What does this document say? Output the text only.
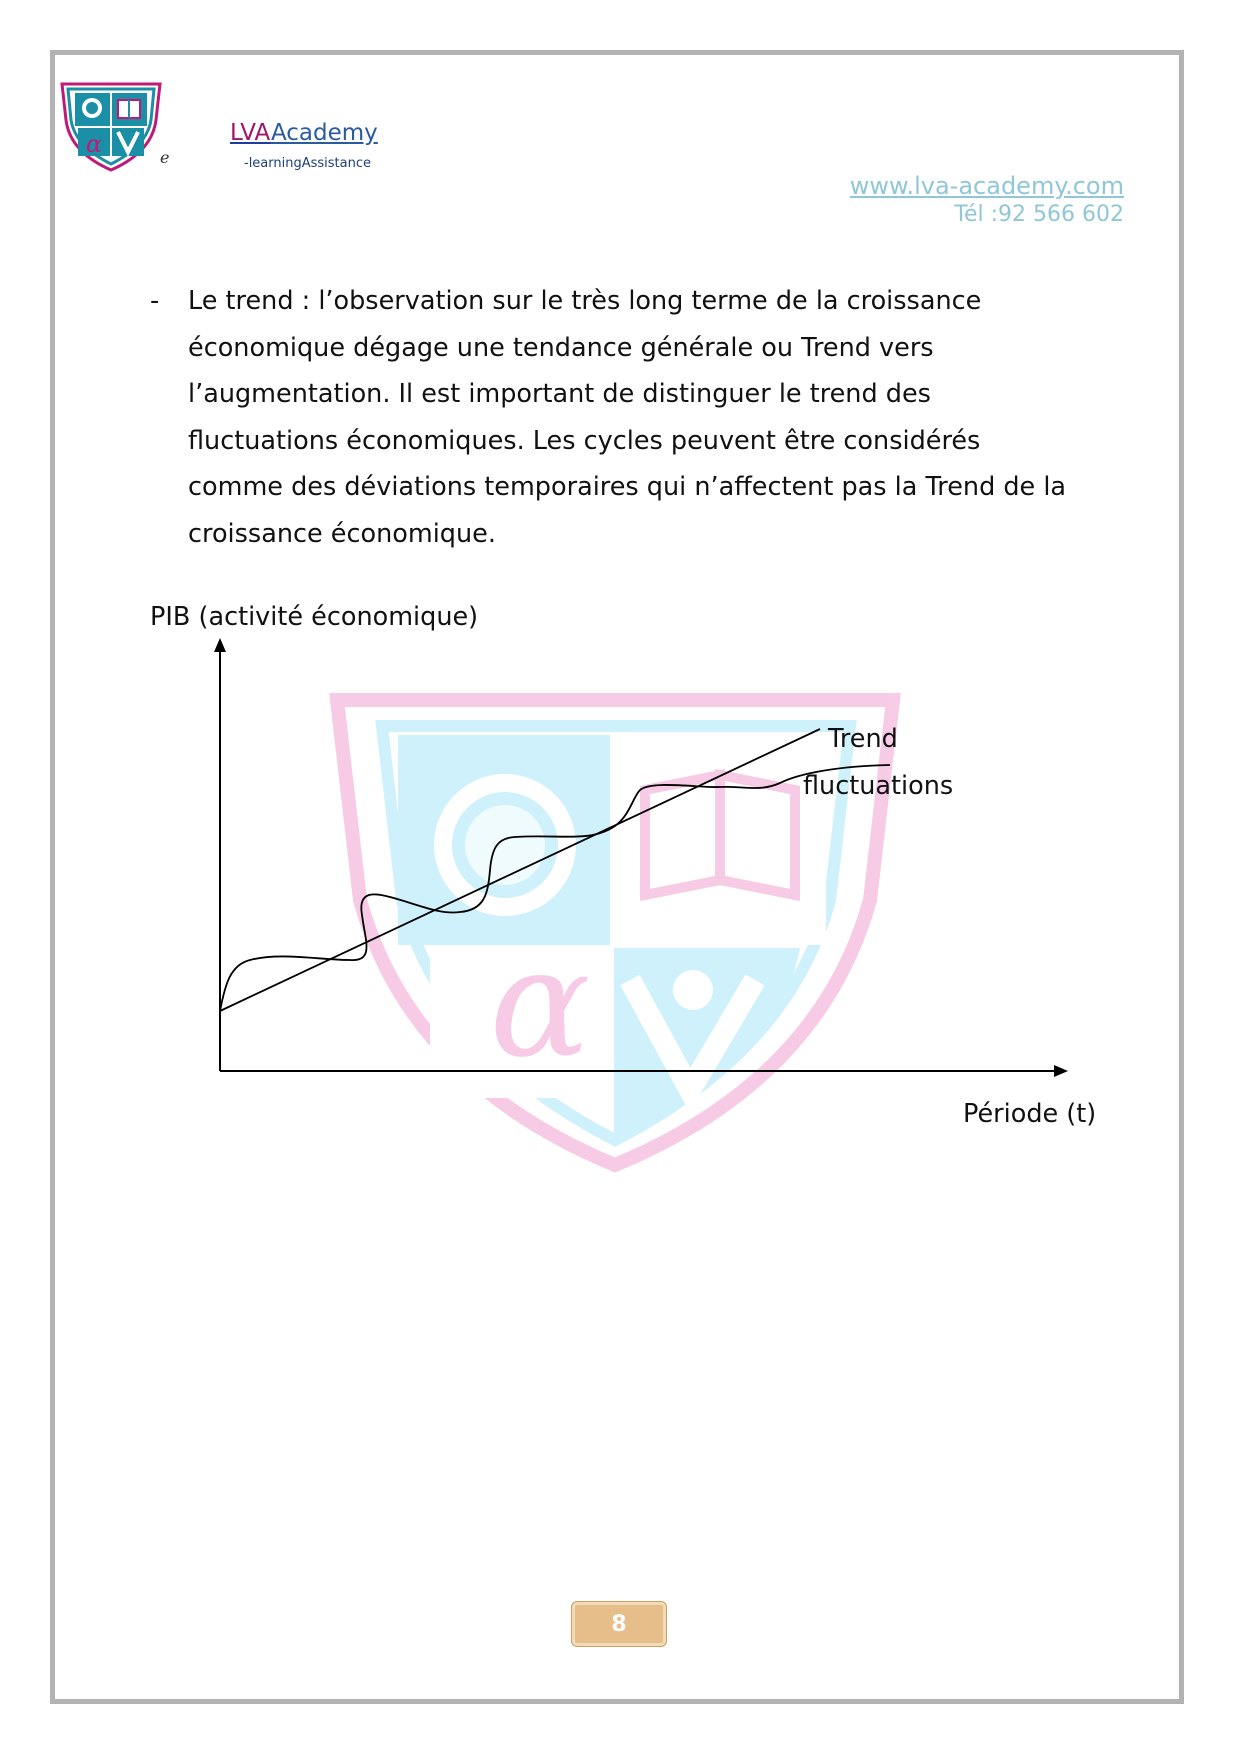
α	e
LVAAcademy
-learningAssistance
www.lva-academy.com
Tél :92 566 602
- Le trend : l’observation sur le très long terme de la croissance
économique dégage une tendance générale ou Trend vers
l’augmentation. Il est important de distinguer le trend des
fluctuations économiques. Les cycles peuvent être considérés
comme des déviations temporaires qui n’affectent pas la Trend de la
croissance économique.
α
PIB (activité économique)
Trend
fluctuations
Période (t)
8
